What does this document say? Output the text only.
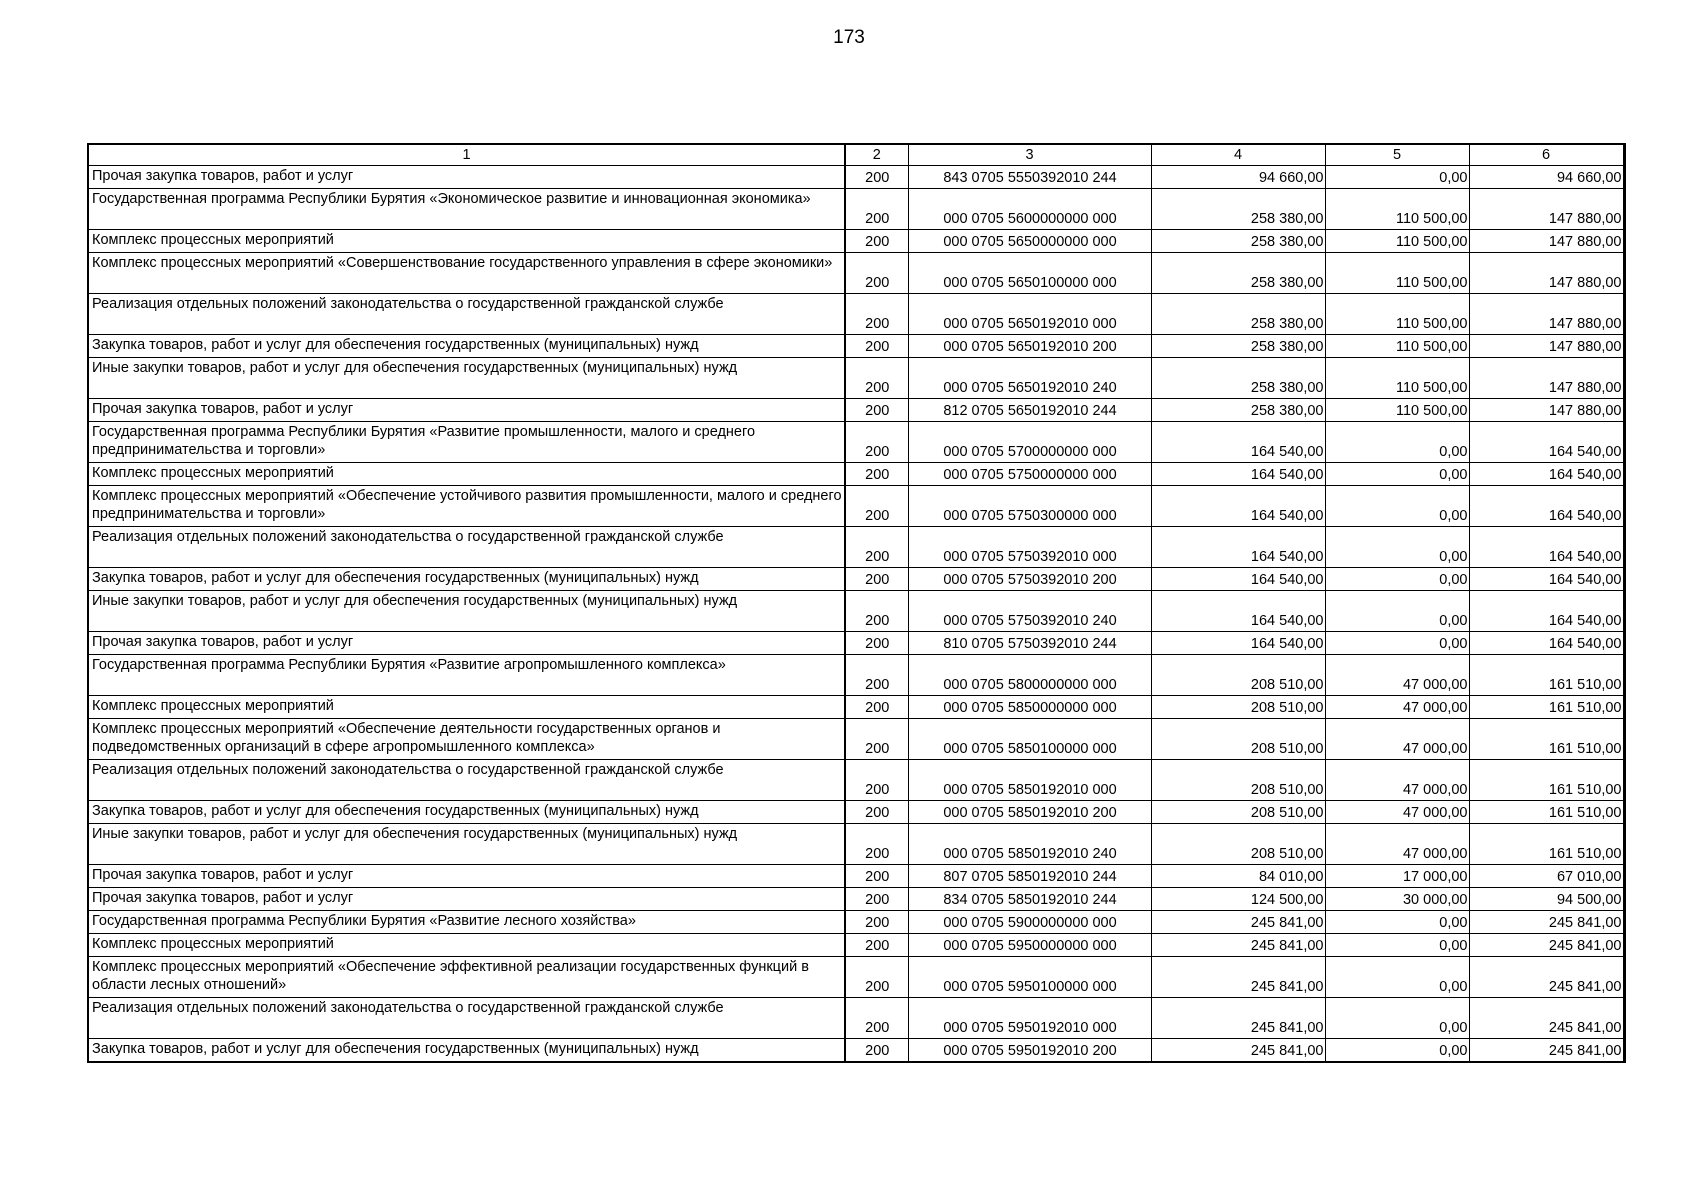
173
1	2	3	4	5	6
Прочая закупка товаров, работ и услуг	200	843 0705 5550392010 244	94 660,00	0,00	94 660,00
Государственная программа Республики Бурятия «Экономическое развитие и инновационная экономика»	200	000 0705 5600000000 000	258 380,00	110 500,00	147 880,00
Комплекс процессных мероприятий	200	000 0705 5650000000 000	258 380,00	110 500,00	147 880,00
Комплекс процессных мероприятий «Совершенствование государственного управления в сфере экономики»	200	000 0705 5650100000 000	258 380,00	110 500,00	147 880,00
Реализация отдельных положений законодательства о государственной гражданской службе	200	000 0705 5650192010 000	258 380,00	110 500,00	147 880,00
Закупка товаров, работ и услуг для обеспечения государственных (муниципальных) нужд	200	000 0705 5650192010 200	258 380,00	110 500,00	147 880,00
Иные закупки товаров, работ и услуг для обеспечения государственных (муниципальных) нужд	200	000 0705 5650192010 240	258 380,00	110 500,00	147 880,00
Прочая закупка товаров, работ и услуг	200	812 0705 5650192010 244	258 380,00	110 500,00	147 880,00
Государственная программа Республики Бурятия «Развитие промышленности, малого и среднего предпринимательства и торговли»	200	000 0705 5700000000 000	164 540,00	0,00	164 540,00
Комплекс процессных мероприятий	200	000 0705 5750000000 000	164 540,00	0,00	164 540,00
Комплекс процессных мероприятий «Обеспечение устойчивого развития промышленности, малого и среднего предпринимательства и торговли»	200	000 0705 5750300000 000	164 540,00	0,00	164 540,00
Реализация отдельных положений законодательства о государственной гражданской службе	200	000 0705 5750392010 000	164 540,00	0,00	164 540,00
Закупка товаров, работ и услуг для обеспечения государственных (муниципальных) нужд	200	000 0705 5750392010 200	164 540,00	0,00	164 540,00
Иные закупки товаров, работ и услуг для обеспечения государственных (муниципальных) нужд	200	000 0705 5750392010 240	164 540,00	0,00	164 540,00
Прочая закупка товаров, работ и услуг	200	810 0705 5750392010 244	164 540,00	0,00	164 540,00
Государственная программа Республики Бурятия «Развитие агропромышленного комплекса»	200	000 0705 5800000000 000	208 510,00	47 000,00	161 510,00
Комплекс процессных мероприятий	200	000 0705 5850000000 000	208 510,00	47 000,00	161 510,00
Комплекс процессных мероприятий «Обеспечение деятельности государственных органов и подведомственных организаций в сфере агропромышленного комплекса»	200	000 0705 5850100000 000	208 510,00	47 000,00	161 510,00
Реализация отдельных положений законодательства о государственной гражданской службе	200	000 0705 5850192010 000	208 510,00	47 000,00	161 510,00
Закупка товаров, работ и услуг для обеспечения государственных (муниципальных) нужд	200	000 0705 5850192010 200	208 510,00	47 000,00	161 510,00
Иные закупки товаров, работ и услуг для обеспечения государственных (муниципальных) нужд	200	000 0705 5850192010 240	208 510,00	47 000,00	161 510,00
Прочая закупка товаров, работ и услуг	200	807 0705 5850192010 244	84 010,00	17 000,00	67 010,00
Прочая закупка товаров, работ и услуг	200	834 0705 5850192010 244	124 500,00	30 000,00	94 500,00
Государственная программа Республики Бурятия «Развитие лесного хозяйства»	200	000 0705 5900000000 000	245 841,00	0,00	245 841,00
Комплекс процессных мероприятий	200	000 0705 5950000000 000	245 841,00	0,00	245 841,00
Комплекс процессных мероприятий «Обеспечение эффективной реализации государственных функций в области лесных отношений»	200	000 0705 5950100000 000	245 841,00	0,00	245 841,00
Реализация отдельных положений законодательства о государственной гражданской службе	200	000 0705 5950192010 000	245 841,00	0,00	245 841,00
Закупка товаров, работ и услуг для обеспечения государственных (муниципальных) нужд	200	000 0705 5950192010 200	245 841,00	0,00	245 841,00
